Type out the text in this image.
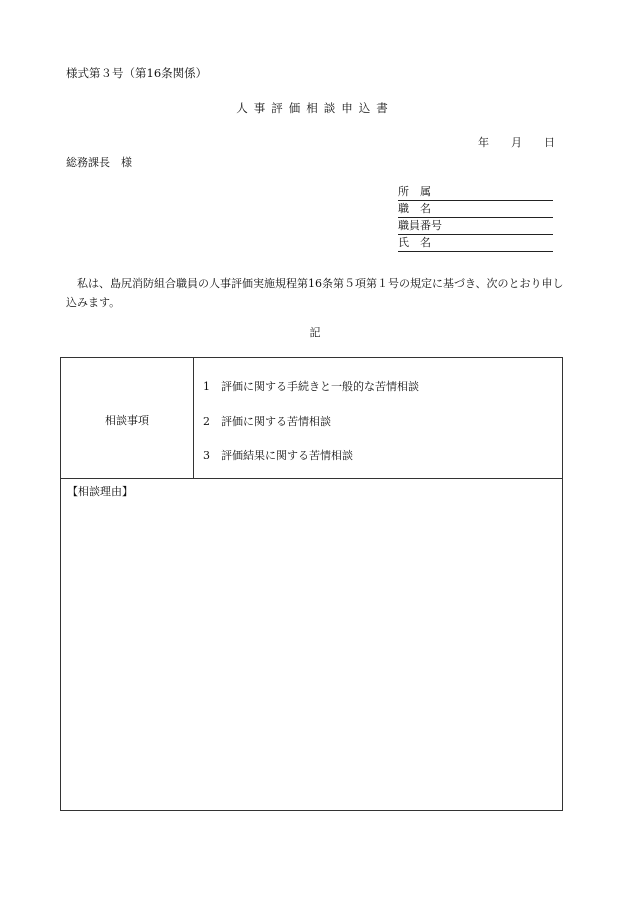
様式第３号（第16条関係）
人事評価相談申込書
年 月 日
総務課長　様
所　属
職　名
職員番号
氏　名
私は、島尻消防組合職員の人事評価実施規程第16条第５項第１号の規定に基づき、次のとおり申し込みます。
記
相談事項
1 評価に関する手続きと一般的な苦情相談
2 評価に関する苦情相談
3 評価結果に関する苦情相談
【相談理由】
